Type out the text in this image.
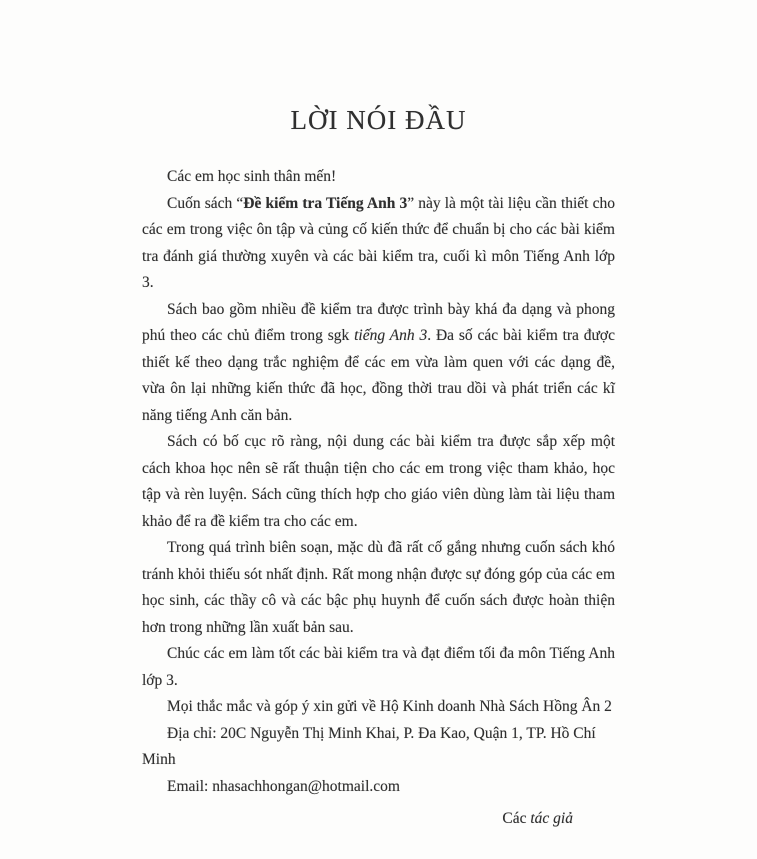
LỜI NÓI ĐẦU

Các em học sinh thân mến!

Cuốn sách “Đề kiểm tra Tiếng Anh 3” này là một tài liệu cần thiết cho các em trong việc ôn tập và củng cố kiến thức để chuẩn bị cho các bài kiểm tra đánh giá thường xuyên và các bài kiểm tra, cuối kì môn Tiếng Anh lớp 3.

Sách bao gồm nhiều đề kiểm tra được trình bày khá đa dạng và phong phú theo các chủ điểm trong sgk tiếng Anh 3. Đa số các bài kiểm tra được thiết kế theo dạng trắc nghiệm để các em vừa làm quen với các dạng đề, vừa ôn lại những kiến thức đã học, đồng thời trau dồi và phát triển các kĩ năng tiếng Anh căn bản.

Sách có bố cục rõ ràng, nội dung các bài kiểm tra được sắp xếp một cách khoa học nên sẽ rất thuận tiện cho các em trong việc tham khảo, học tập và rèn luyện. Sách cũng thích hợp cho giáo viên dùng làm tài liệu tham khảo để ra đề kiểm tra cho các em.

Trong quá trình biên soạn, mặc dù đã rất cố gắng nhưng cuốn sách khó tránh khỏi thiếu sót nhất định. Rất mong nhận được sự đóng góp của các em học sinh, các thầy cô và các bậc phụ huynh để cuốn sách được hoàn thiện hơn trong những lần xuất bản sau.

Chúc các em làm tốt các bài kiểm tra và đạt điểm tối đa môn Tiếng Anh lớp 3.

Mọi thắc mắc và góp ý xin gửi về Hộ Kinh doanh Nhà Sách Hồng Ân 2

Địa chỉ: 20C Nguyễn Thị Minh Khai, P. Đa Kao, Quận 1, TP. Hồ Chí Minh

Email: nhasachhongan@hotmail.com

Các tác giả
